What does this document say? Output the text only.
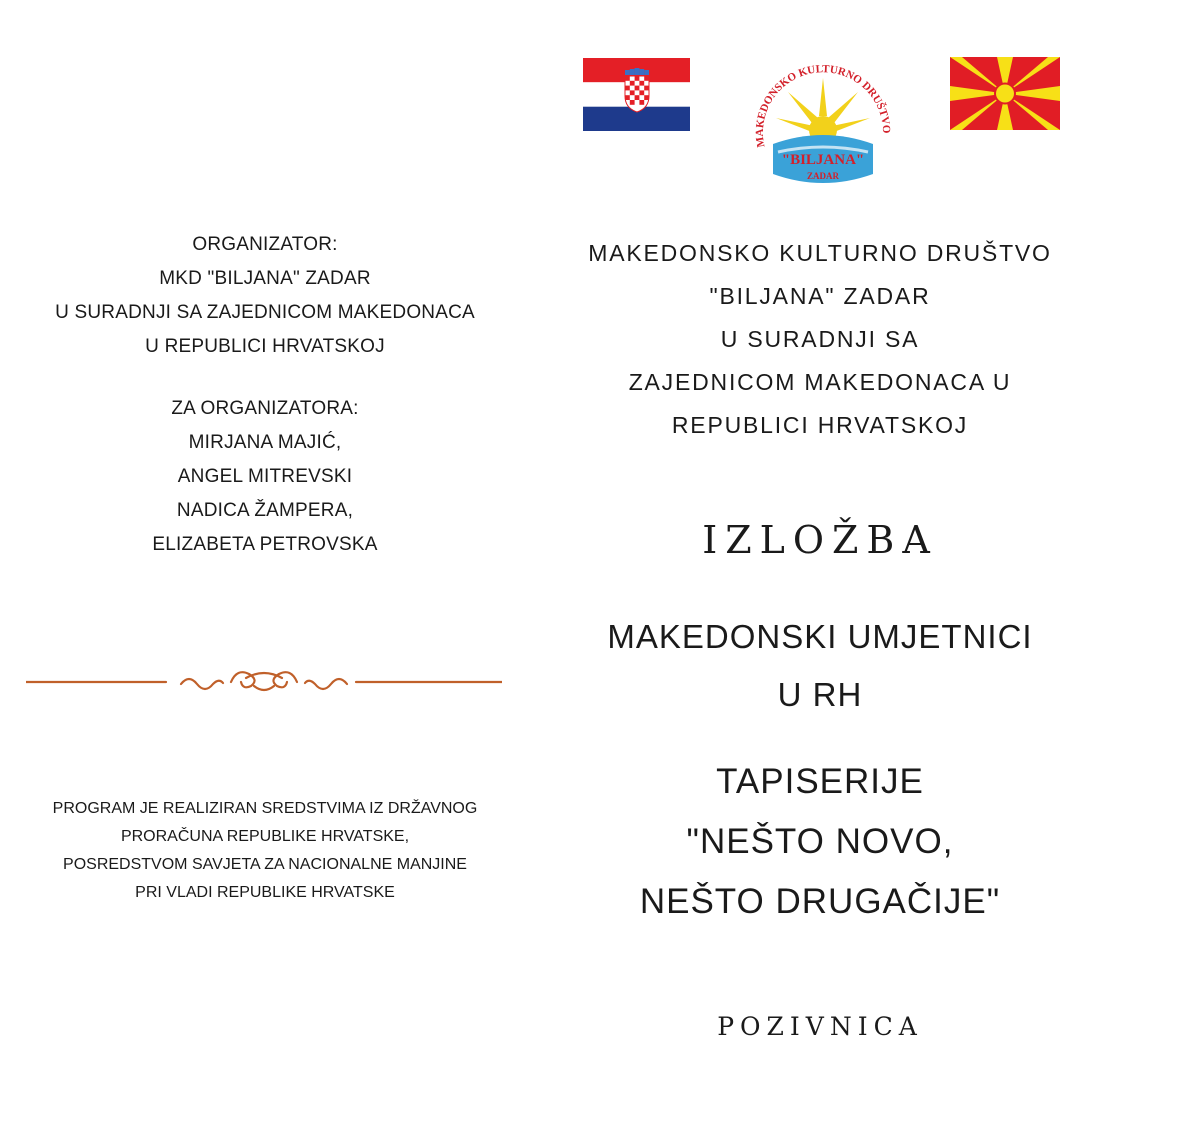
ORGANIZATOR:
MKD "BILJANA" ZADAR
U SURADNJI SA ZAJEDNICOM MAKEDONACA
U REPUBLICI HRVATSKOJ
ZA ORGANIZATORA:
MIRJANA MAJIĆ,
ANGEL MITREVSKI
NADICA ŽAMPERA,
ELIZABETA PETROVSKA
PROGRAM JE REALIZIRAN SREDSTVIMA IZ DRŽAVNOG
PRORAČUNA REPUBLIKE HRVATSKE,
POSREDSTVOM SAVJETA ZA NACIONALNE MANJINE
PRI VLADI REPUBLIKE HRVATSKE
MAKEDONSKO KULTURNO DRUŠTVO
"BILJANA"
ZADAR
MAKEDONSKO KULTURNO DRUŠTVO
"BILJANA" ZADAR
U SURADNJI SA
ZAJEDNICOM MAKEDONACA U
REPUBLICI HRVATSKOJ
IZLOŽBA
MAKEDONSKI UMJETNICI
U RH
TAPISERIJE
"NEŠTO NOVO,
NEŠTO DRUGAČIJE"
POZIVNICA
